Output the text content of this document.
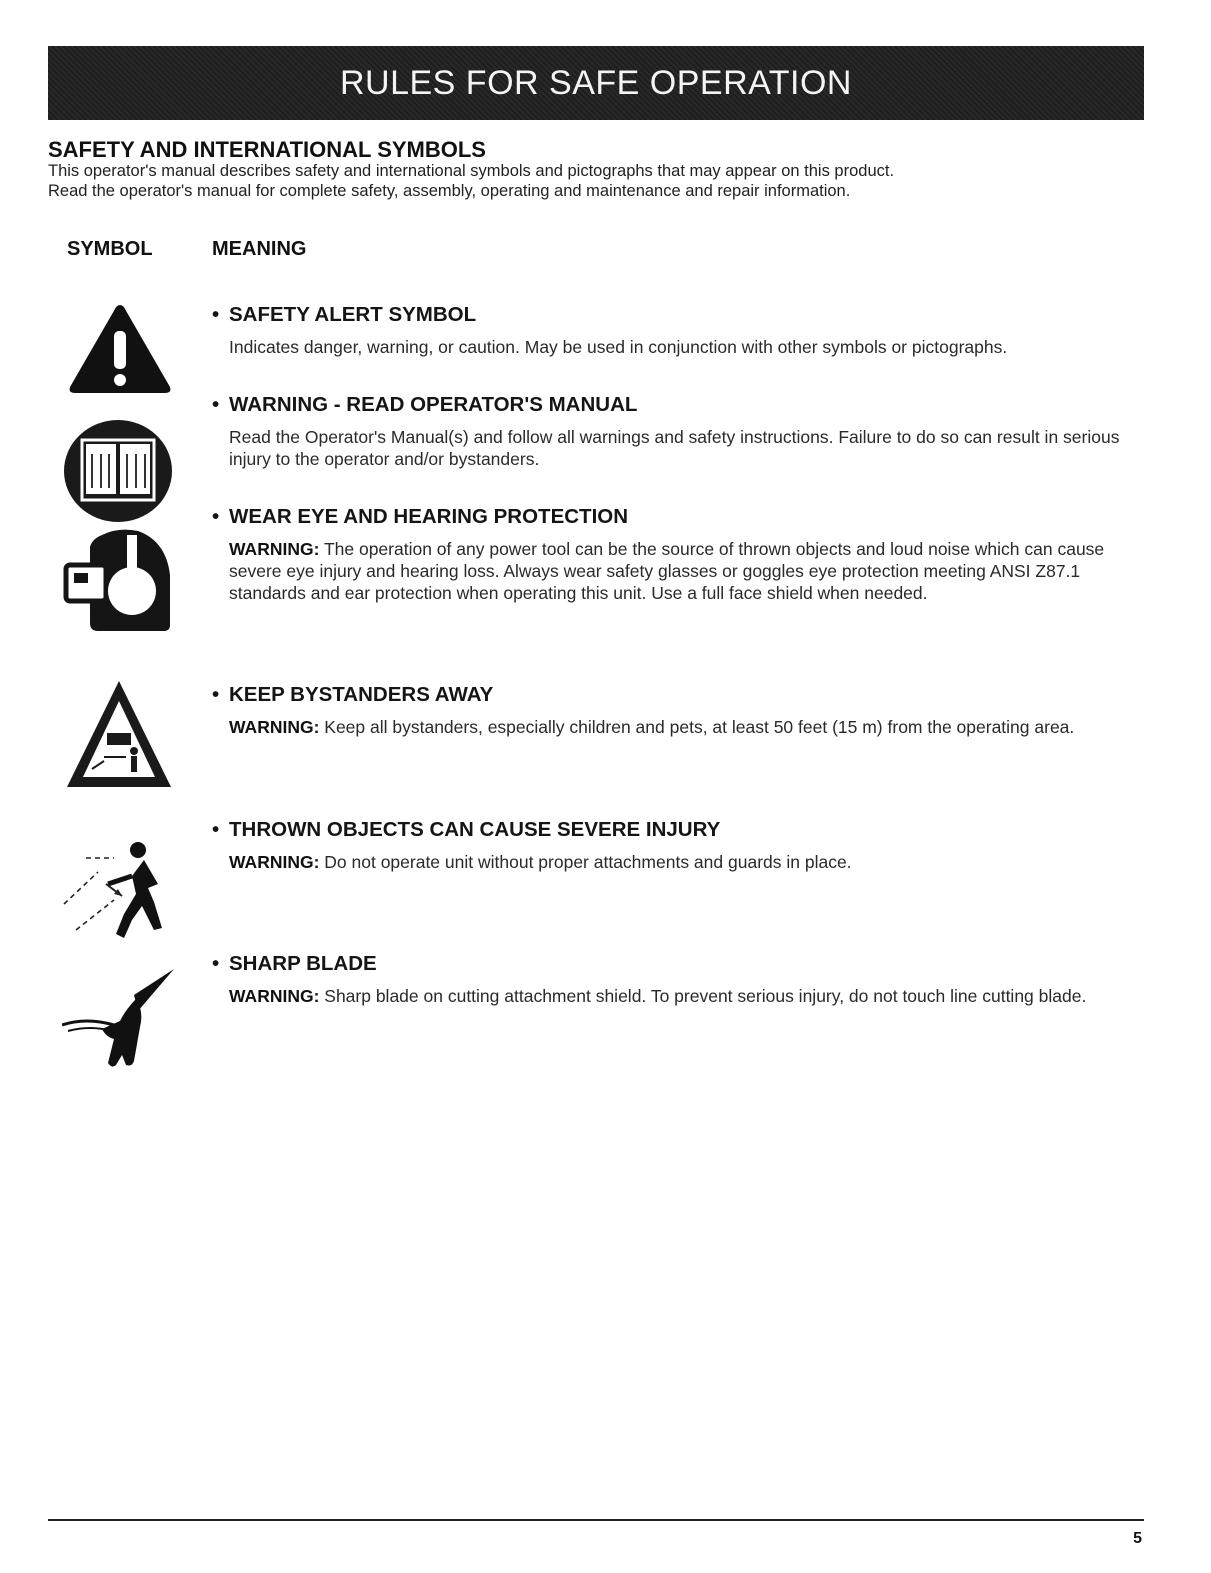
RULES FOR SAFE OPERATION
SAFETY AND INTERNATIONAL SYMBOLS

This operator's manual describes safety and international symbols and pictographs that may appear on this product.

Read the operator's manual for complete safety, assembly, operating and maintenance and repair information.

SYMBOL	MEANING
• SAFETY ALERT SYMBOL

Indicates danger, warning, or caution. May be used in conjunction with other symbols or pictographs.

• WARNING - READ OPERATOR'S MANUAL

Read the Operator's Manual(s) and follow all warnings and safety instructions. Failure to do so can result in serious injury to the operator and/or bystanders.

• WEAR EYE AND HEARING PROTECTION

WARNING: The operation of any power tool can be the source of thrown objects and loud noise which can cause severe eye injury and hearing loss. Always wear safety glasses or goggles eye protection meeting ANSI Z87.1 standards and ear protection when operating this unit. Use a full face shield when needed.

• KEEP BYSTANDERS AWAY

WARNING: Keep all bystanders, especially children and pets, at least 50 feet (15 m) from the operating area.

• THROWN OBJECTS CAN CAUSE SEVERE INJURY

WARNING: Do not operate unit without proper attachments and guards in place.

• SHARP BLADE

WARNING: Sharp blade on cutting attachment shield. To prevent serious injury, do not touch line cutting blade.

5
